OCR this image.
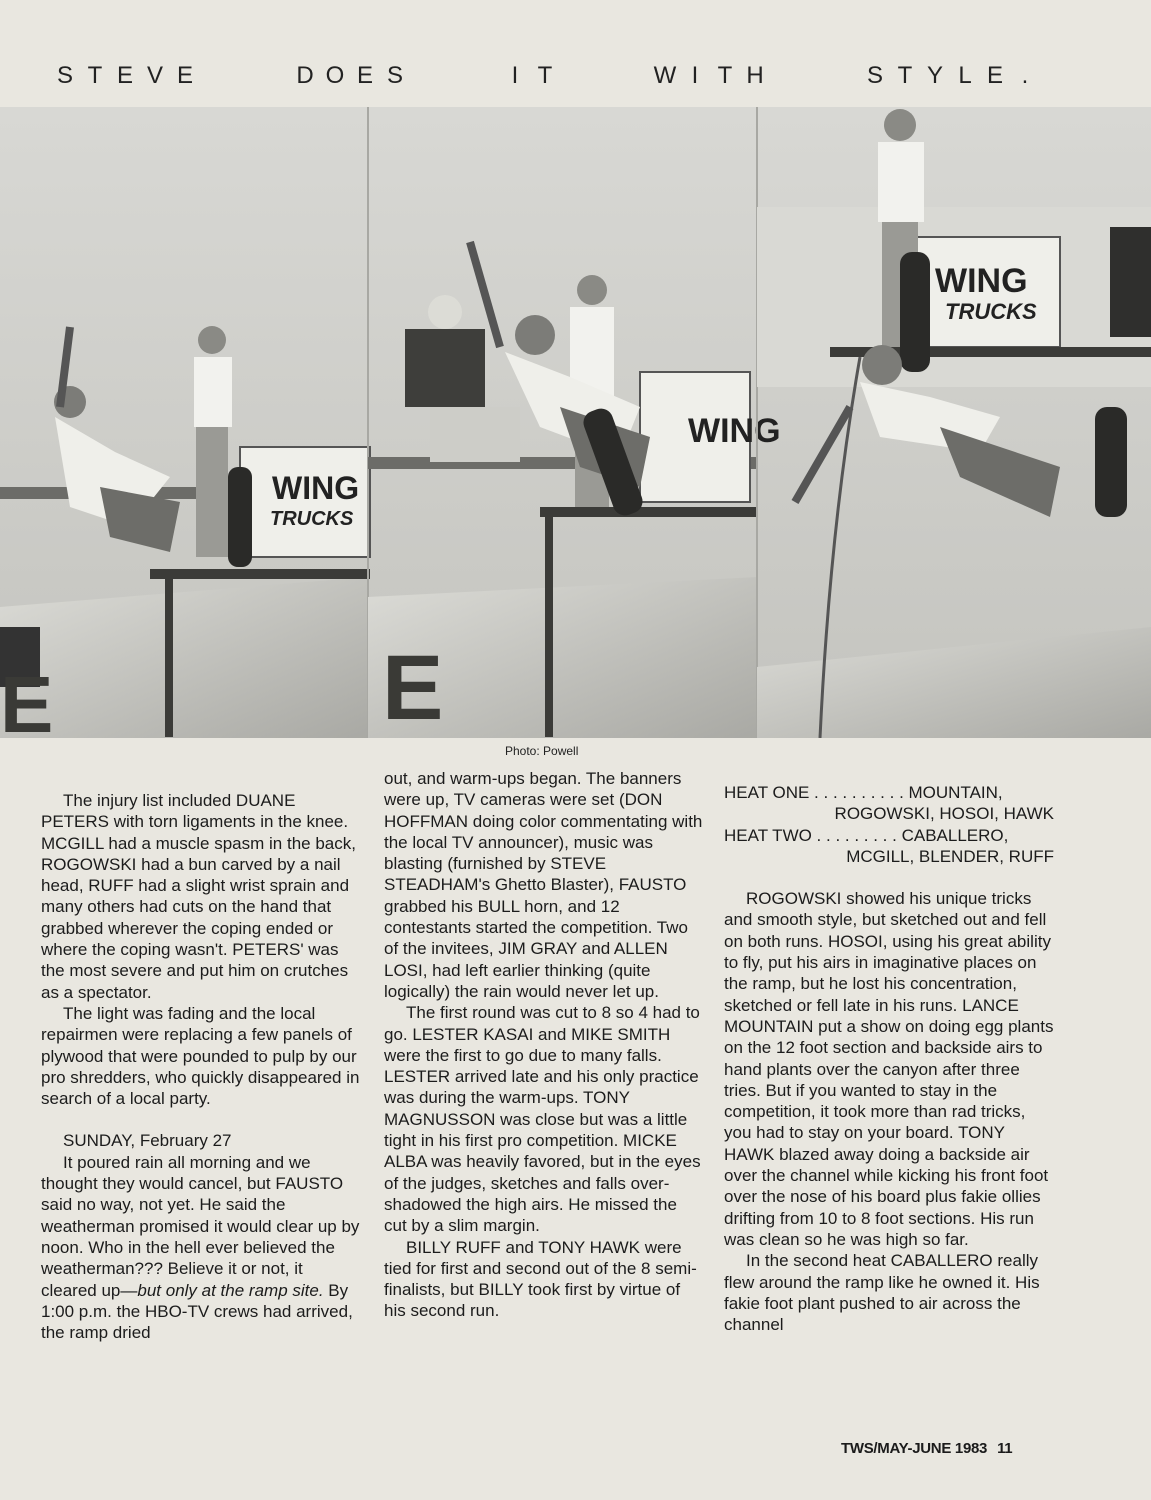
S T E V E	D O E S	I T	W I T H	S T Y L E .
WING
TRUCKS
E
WING
E
WING
TRUCKS
Photo: Powell

The injury list included DUANE PETERS with torn ligaments in the knee. MCGILL had a muscle spasm in the back, ROGOWSKI had a bun carved by a nail head, RUFF had a slight wrist sprain and many others had cuts on the hand that grabbed wherever the coping ended or where the coping wasn't. PETERS' was the most severe and put him on crutches as a spectator.

The light was fading and the local repairmen were replacing a few panels of plywood that were pounded to pulp by our pro shredders, who quickly disappeared in search of a local party.

SUNDAY, February 27

It poured rain all morning and we thought they would cancel, but FAUSTO said no way, not yet. He said the weatherman promised it would clear up by noon. Who in the hell ever believed the weatherman??? Believe it or not, it cleared up—but only at the ramp site. By 1:00 p.m. the HBO-TV crews had arrived, the ramp dried

out, and warm-ups began. The banners were up, TV cameras were set (DON HOFFMAN doing color commentating with the local TV announcer), music was blasting (furnished by STEVE STEADHAM's Ghetto Blaster), FAUSTO grabbed his BULL horn, and 12 contestants started the competition. Two of the invitees, JIM GRAY and ALLEN LOSI, had left earlier thinking (quite logically) the rain would never let up.

The first round was cut to 8 so 4 had to go. LESTER KASAI and MIKE SMITH were the first to go due to many falls. LESTER arrived late and his only practice was during the warm-ups. TONY MAGNUSSON was close but was a little tight in his first pro competition. MICKE ALBA was heavily favored, but in the eyes of the judges, sketches and falls over-shadowed the high airs. He missed the cut by a slim margin.

BILLY RUFF and TONY HAWK were tied for first and second out of the 8 semi-finalists, but BILLY took first by virtue of his second run.

HEAT ONE . . . . . . . . . . MOUNTAIN,
ROGOWSKI, HOSOI, HAWK
HEAT TWO . . . . . . . . . CABALLERO,
MCGILL, BLENDER, RUFF

ROGOWSKI showed his unique tricks and smooth style, but sketched out and fell on both runs. HOSOI, using his great ability to fly, put his airs in imaginative places on the ramp, but he lost his concentration, sketched or fell late in his runs. LANCE MOUNTAIN put a show on doing egg plants on the 12 foot section and backside airs to hand plants over the canyon after three tries. But if you wanted to stay in the competition, it took more than rad tricks, you had to stay on your board. TONY HAWK blazed away doing a backside air over the channel while kicking his front foot over the nose of his board plus fakie ollies drifting from 10 to 8 foot sections. His run was clean so he was high so far.

In the second heat CABALLERO really flew around the ramp like he owned it. His fakie foot plant pushed to air across the channel

TWS/MAY-JUNE 1983 11
